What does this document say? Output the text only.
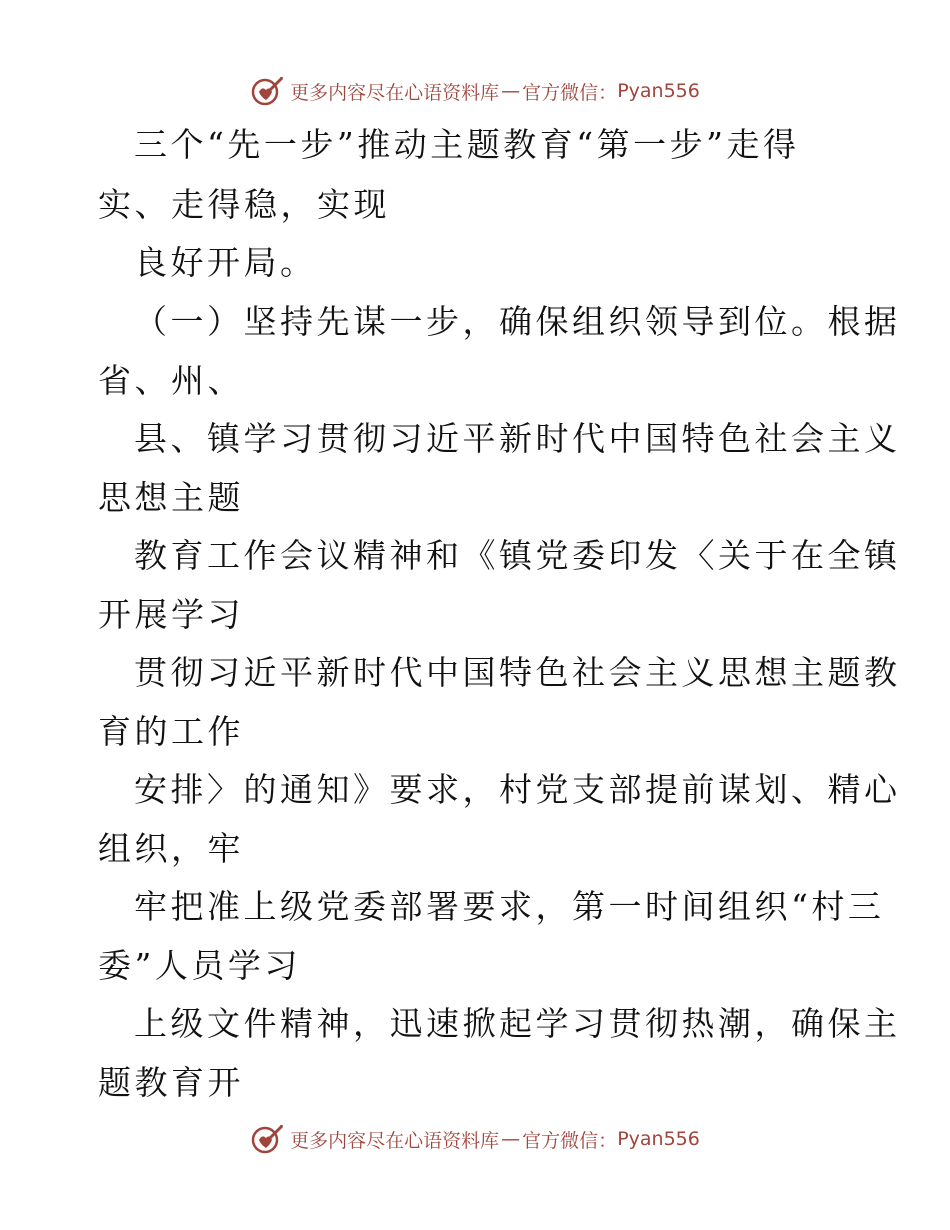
更多内容尽在心语资料库 — 官方微信： Pyan556
三个“先一步”推动主题教育“第一步”走得
实、走得稳，实现
良好开局。
（一）坚持先谋一步，确保组织领导到位。根据
省、州、
县、镇学习贯彻习近平新时代中国特色社会主义
思想主题
教育工作会议精神和《镇党委印发〈关于在全镇
开展学习
贯彻习近平新时代中国特色社会主义思想主题教
育的工作
安排〉的通知》要求，村党支部提前谋划、精心
组织，牢
牢把准上级党委部署要求，第一时间组织“村三
委”人员学习
上级文件精神，迅速掀起学习贯彻热潮，确保主
题教育开
更多内容尽在心语资料库 — 官方微信： Pyan556
